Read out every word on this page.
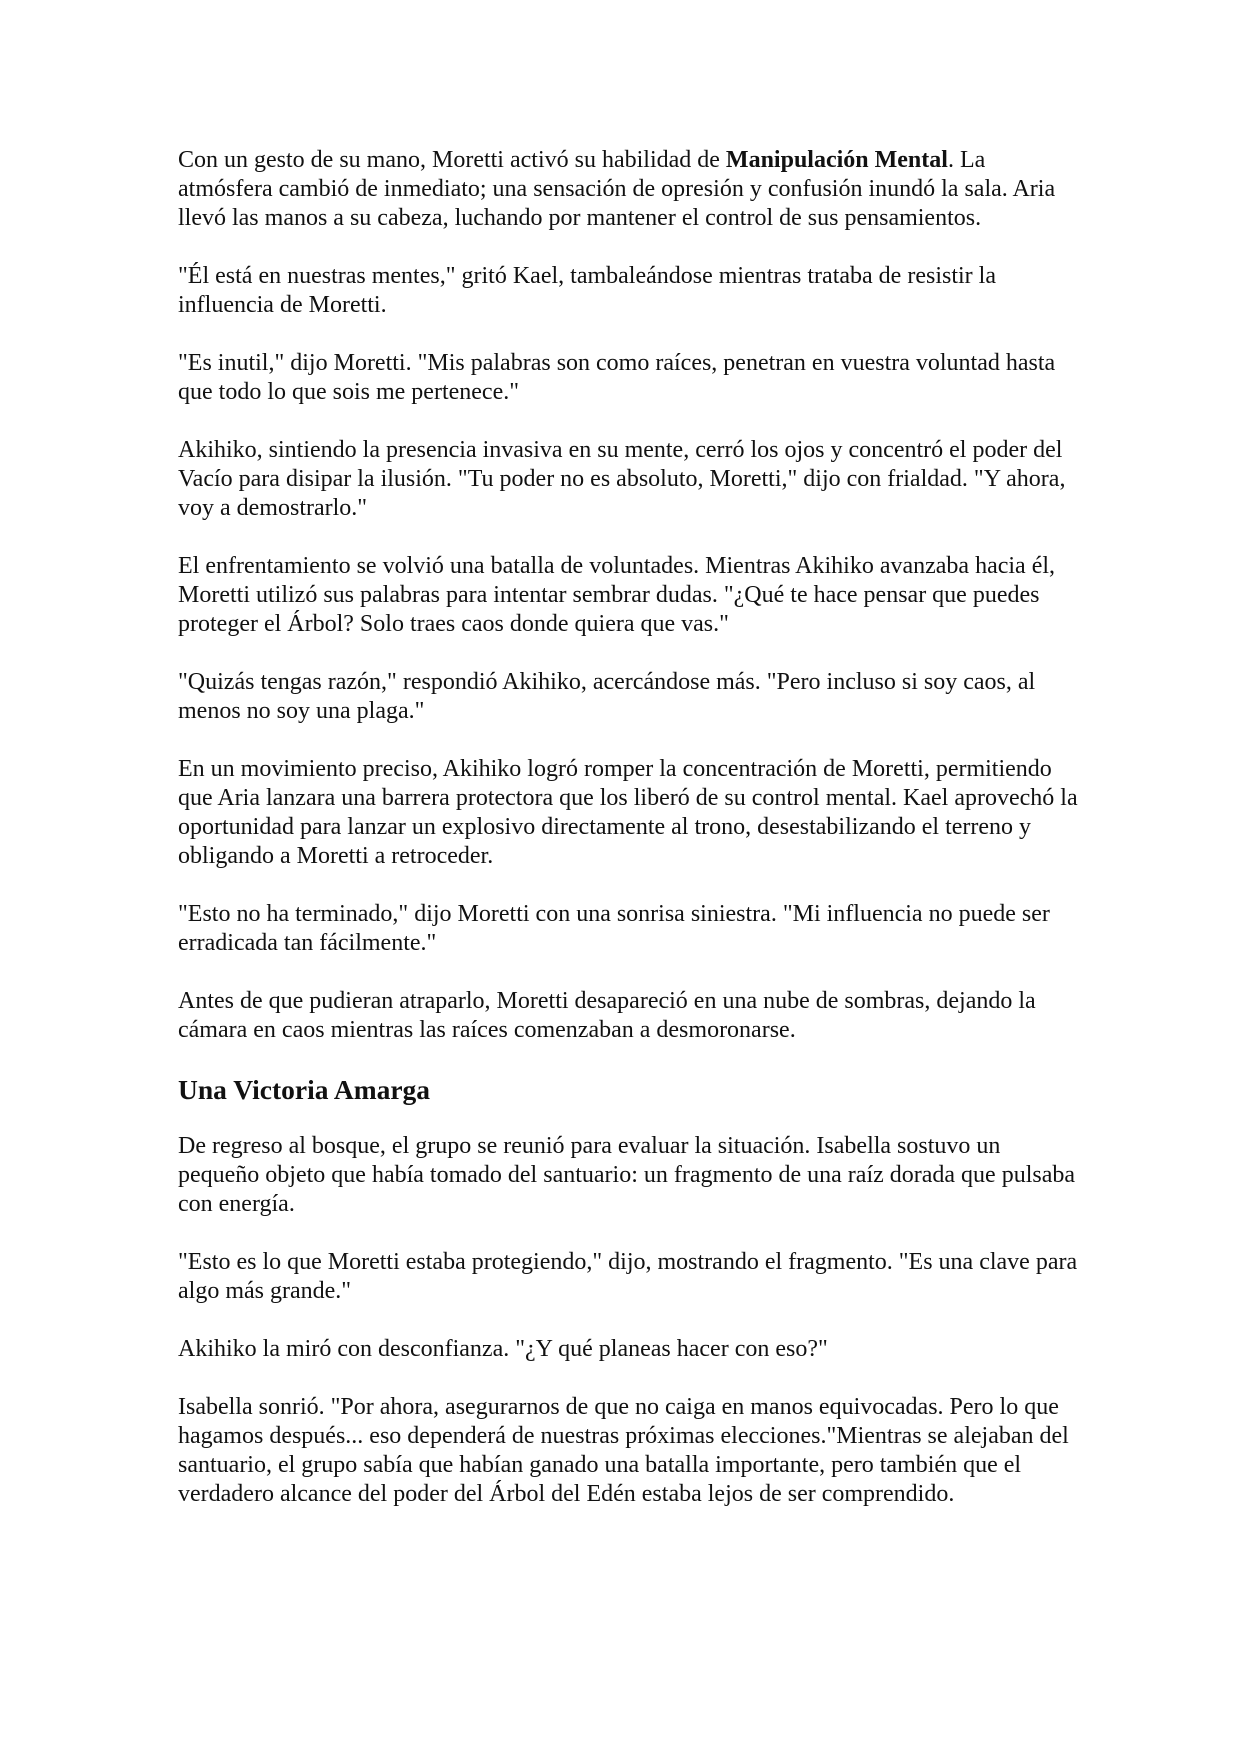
Con un gesto de su mano, Moretti activó su habilidad de Manipulación Mental. La atmósfera cambió de inmediato; una sensación de opresión y confusión inundó la sala. Aria llevó las manos a su cabeza, luchando por mantener el control de sus pensamientos.

"Él está en nuestras mentes," gritó Kael, tambaleándose mientras trataba de resistir la influencia de Moretti.

"Es inutil," dijo Moretti. "Mis palabras son como raíces, penetran en vuestra voluntad hasta que todo lo que sois me pertenece."

Akihiko, sintiendo la presencia invasiva en su mente, cerró los ojos y concentró el poder del Vacío para disipar la ilusión. "Tu poder no es absoluto, Moretti," dijo con frialdad. "Y ahora, voy a demostrarlo."

El enfrentamiento se volvió una batalla de voluntades. Mientras Akihiko avanzaba hacia él, Moretti utilizó sus palabras para intentar sembrar dudas. "¿Qué te hace pensar que puedes proteger el Árbol? Solo traes caos donde quiera que vas."

"Quizás tengas razón," respondió Akihiko, acercándose más. "Pero incluso si soy caos, al menos no soy una plaga."

En un movimiento preciso, Akihiko logró romper la concentración de Moretti, permitiendo que Aria lanzara una barrera protectora que los liberó de su control mental. Kael aprovechó la oportunidad para lanzar un explosivo directamente al trono, desestabilizando el terreno y obligando a Moretti a retroceder.

"Esto no ha terminado," dijo Moretti con una sonrisa siniestra. "Mi influencia no puede ser erradicada tan fácilmente."

Antes de que pudieran atraparlo, Moretti desapareció en una nube de sombras, dejando la cámara en caos mientras las raíces comenzaban a desmoronarse.

Una Victoria Amarga

De regreso al bosque, el grupo se reunió para evaluar la situación. Isabella sostuvo un pequeño objeto que había tomado del santuario: un fragmento de una raíz dorada que pulsaba con energía.

"Esto es lo que Moretti estaba protegiendo," dijo, mostrando el fragmento. "Es una clave para algo más grande."

Akihiko la miró con desconfianza. "¿Y qué planeas hacer con eso?"

Isabella sonrió. "Por ahora, asegurarnos de que no caiga en manos equivocadas. Pero lo que hagamos después... eso dependerá de nuestras próximas elecciones."Mientras se alejaban del santuario, el grupo sabía que habían ganado una batalla importante, pero también que el verdadero alcance del poder del Árbol del Edén estaba lejos de ser comprendido.
